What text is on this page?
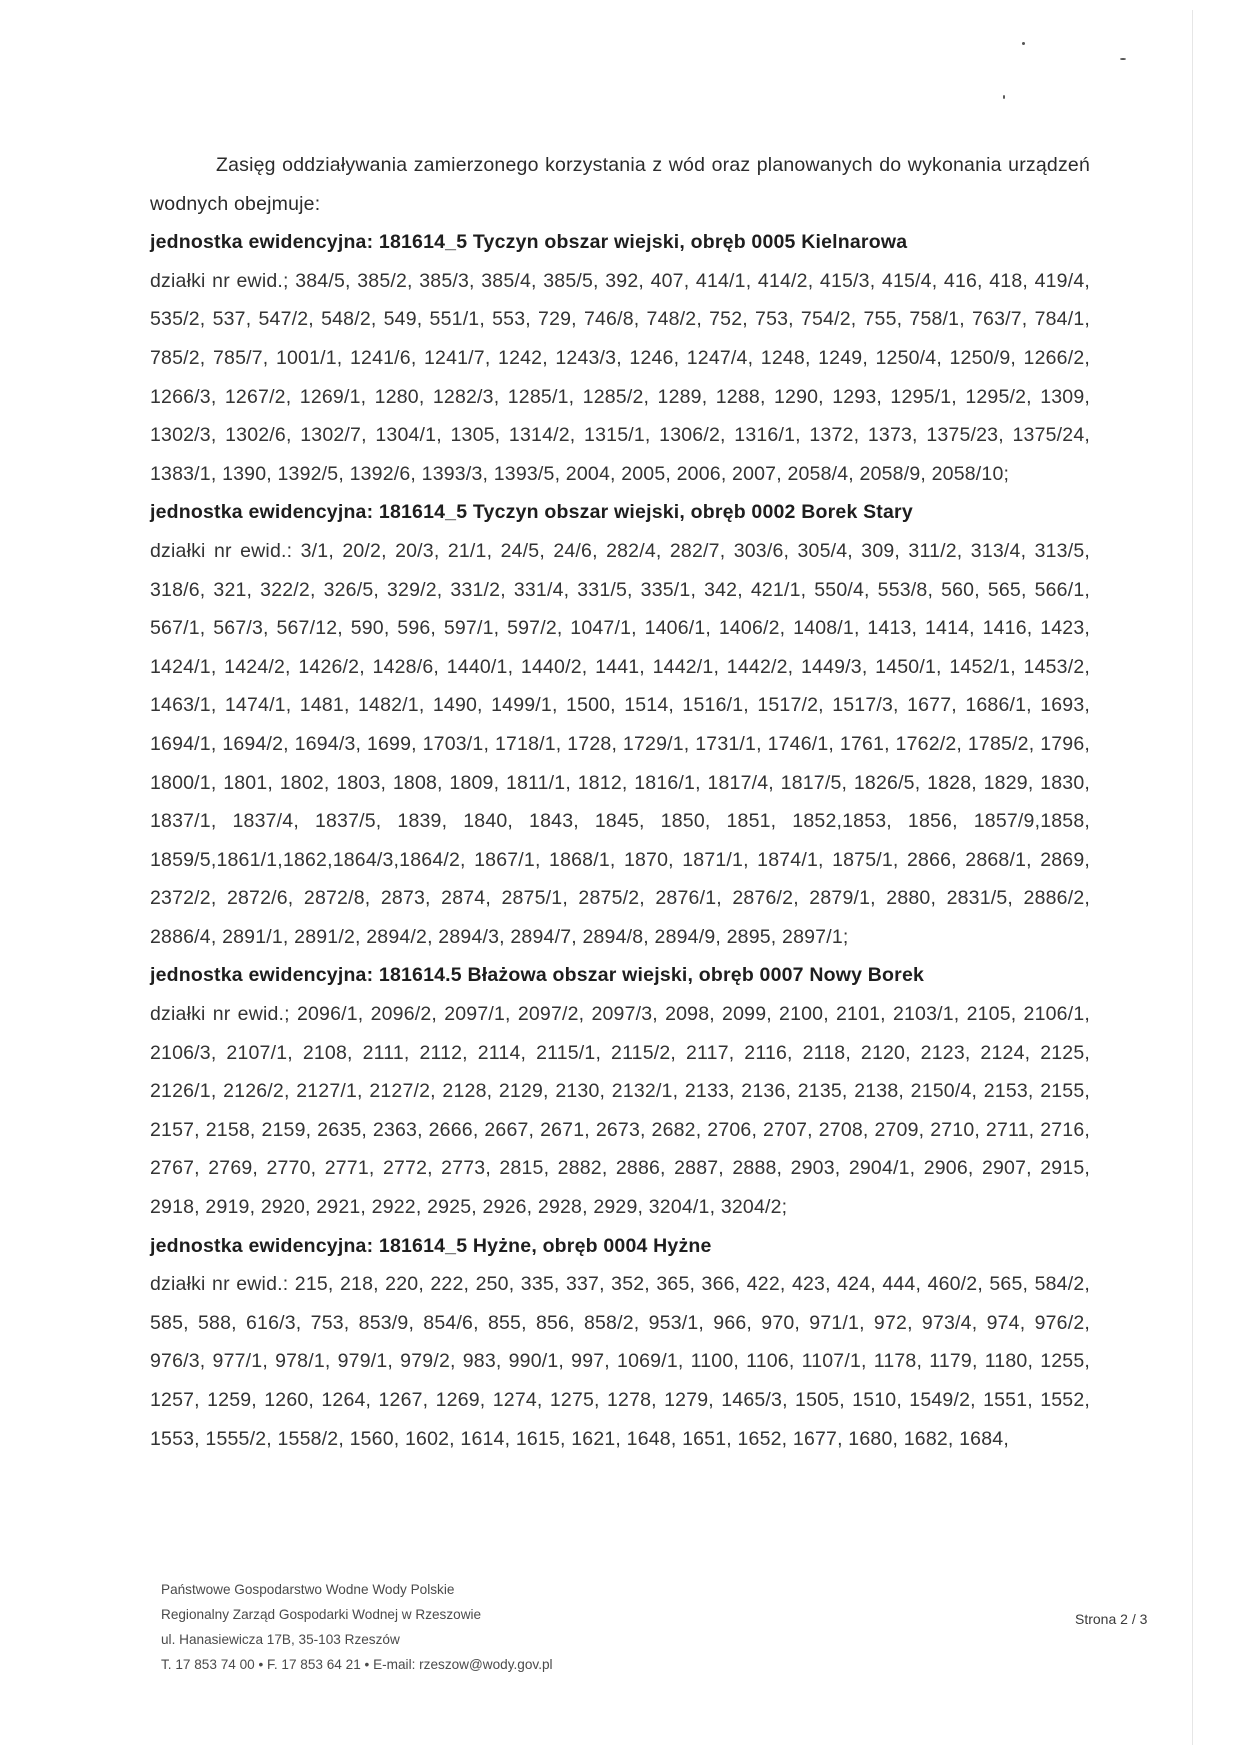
Zasięg oddziaływania zamierzonego korzystania z wód oraz planowanych do wykonania urządzeń wodnych obejmuje:

jednostka ewidencyjna: 181614_5 Tyczyn obszar wiejski, obręb 0005 Kielnarowa

działki nr ewid.; 384/5, 385/2, 385/3, 385/4, 385/5, 392, 407, 414/1, 414/2, 415/3, 415/4, 416, 418, 419/4, 535/2, 537, 547/2, 548/2, 549, 551/1, 553, 729, 746/8, 748/2, 752, 753, 754/2, 755, 758/1, 763/7, 784/1, 785/2, 785/7, 1001/1, 1241/6, 1241/7, 1242, 1243/3, 1246, 1247/4, 1248, 1249, 1250/4, 1250/9, 1266/2, 1266/3, 1267/2, 1269/1, 1280, 1282/3, 1285/1, 1285/2, 1289, 1288, 1290, 1293, 1295/1, 1295/2, 1309, 1302/3, 1302/6, 1302/7, 1304/1, 1305, 1314/2, 1315/1, 1306/2, 1316/1, 1372, 1373, 1375/23, 1375/24, 1383/1, 1390, 1392/5, 1392/6, 1393/3, 1393/5, 2004, 2005, 2006, 2007, 2058/4, 2058/9, 2058/10;

jednostka ewidencyjna: 181614_5 Tyczyn obszar wiejski, obręb 0002 Borek Stary

działki nr ewid.: 3/1, 20/2, 20/3, 21/1, 24/5, 24/6, 282/4, 282/7, 303/6, 305/4, 309, 311/2, 313/4, 313/5, 318/6, 321, 322/2, 326/5, 329/2, 331/2, 331/4, 331/5, 335/1, 342, 421/1, 550/4, 553/8, 560, 565, 566/1, 567/1, 567/3, 567/12, 590, 596, 597/1, 597/2, 1047/1, 1406/1, 1406/2, 1408/1, 1413, 1414, 1416, 1423, 1424/1, 1424/2, 1426/2, 1428/6, 1440/1, 1440/2, 1441, 1442/1, 1442/2, 1449/3, 1450/1, 1452/1, 1453/2, 1463/1, 1474/1, 1481, 1482/1, 1490, 1499/1, 1500, 1514, 1516/1, 1517/2, 1517/3, 1677, 1686/1, 1693, 1694/1, 1694/2, 1694/3, 1699, 1703/1, 1718/1, 1728, 1729/1, 1731/1, 1746/1, 1761, 1762/2, 1785/2, 1796, 1800/1, 1801, 1802, 1803, 1808, 1809, 1811/1, 1812, 1816/1, 1817/4, 1817/5, 1826/5, 1828, 1829, 1830, 1837/1, 1837/4, 1837/5, 1839, 1840, 1843, 1845, 1850, 1851, 1852,1853, 1856, 1857/9,1858, 1859/5,1861/1,1862,1864/3,1864/2, 1867/1, 1868/1, 1870, 1871/1, 1874/1, 1875/1, 2866, 2868/1, 2869, 2372/2, 2872/6, 2872/8, 2873, 2874, 2875/1, 2875/2, 2876/1, 2876/2, 2879/1, 2880, 2831/5, 2886/2, 2886/4, 2891/1, 2891/2, 2894/2, 2894/3, 2894/7, 2894/8, 2894/9, 2895, 2897/1;

jednostka ewidencyjna: 181614.5 Błażowa obszar wiejski, obręb 0007 Nowy Borek

działki nr ewid.; 2096/1, 2096/2, 2097/1, 2097/2, 2097/3, 2098, 2099, 2100, 2101, 2103/1, 2105, 2106/1, 2106/3, 2107/1, 2108, 2111, 2112, 2114, 2115/1, 2115/2, 2117, 2116, 2118, 2120, 2123, 2124, 2125, 2126/1, 2126/2, 2127/1, 2127/2, 2128, 2129, 2130, 2132/1, 2133, 2136, 2135, 2138, 2150/4, 2153, 2155, 2157, 2158, 2159, 2635, 2363, 2666, 2667, 2671, 2673, 2682, 2706, 2707, 2708, 2709, 2710, 2711, 2716, 2767, 2769, 2770, 2771, 2772, 2773, 2815, 2882, 2886, 2887, 2888, 2903, 2904/1, 2906, 2907, 2915, 2918, 2919, 2920, 2921, 2922, 2925, 2926, 2928, 2929, 3204/1, 3204/2;

jednostka ewidencyjna: 181614_5 Hyżne, obręb 0004 Hyżne

działki nr ewid.: 215, 218, 220, 222, 250, 335, 337, 352, 365, 366, 422, 423, 424, 444, 460/2, 565, 584/2, 585, 588, 616/3, 753, 853/9, 854/6, 855, 856, 858/2, 953/1, 966, 970, 971/1, 972, 973/4, 974, 976/2, 976/3, 977/1, 978/1, 979/1, 979/2, 983, 990/1, 997, 1069/1, 1100, 1106, 1107/1, 1178, 1179, 1180, 1255, 1257, 1259, 1260, 1264, 1267, 1269, 1274, 1275, 1278, 1279, 1465/3, 1505, 1510, 1549/2, 1551, 1552, 1553, 1555/2, 1558/2, 1560, 1602, 1614, 1615, 1621, 1648, 1651, 1652, 1677, 1680, 1682, 1684,

Państwowe Gospodarstwo Wodne Wody Polskie
Regionalny Zarząd Gospodarki Wodnej w Rzeszowie
ul. Hanasiewicza 17B, 35-103 Rzeszów
T. 17 853 74 00 • F. 17 853 64 21 • E-mail: rzeszow@wody.gov.pl
Strona 2 / 3
